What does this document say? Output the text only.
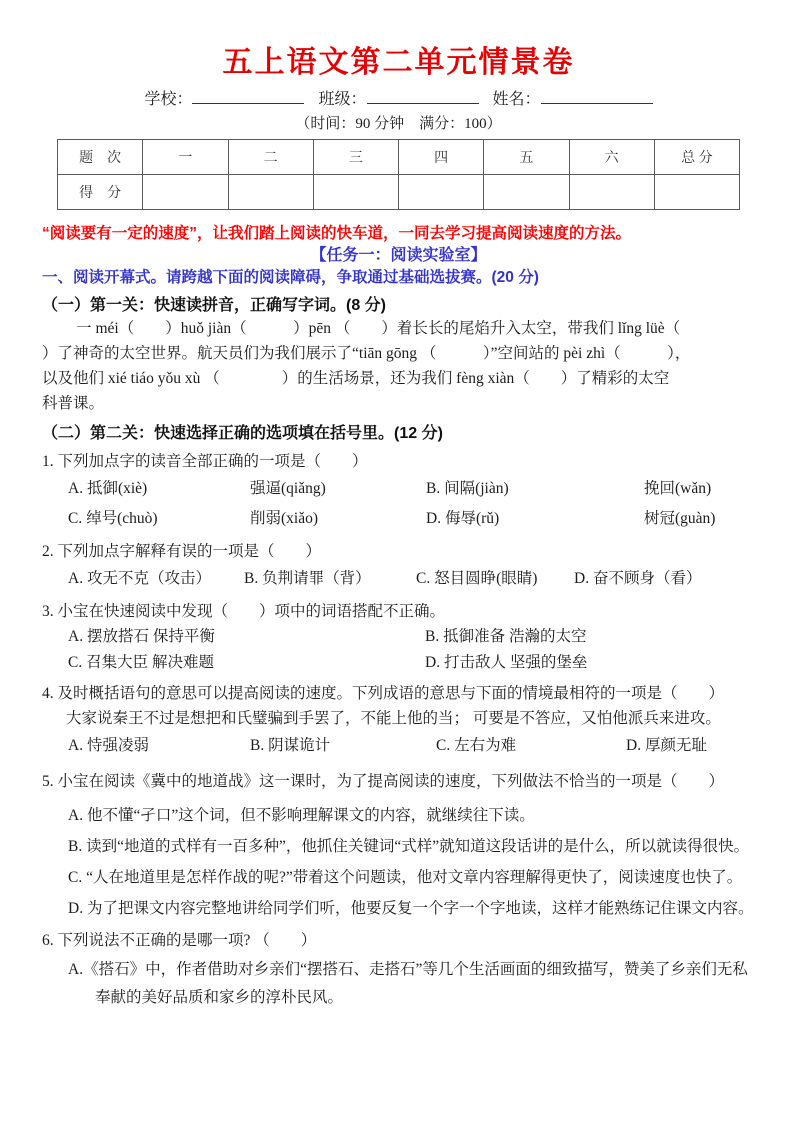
五上语文第二单元情景卷
学校：	班级：	姓名：
（时间：90 分钟　满分：100）
题　次	一	二	三	四	五	六	总 分
得　分							
“阅读要有一定的速度”，让我们踏上阅读的快车道，一同去学习提高阅读速度的方法。
【任务一：阅读实验室】
一、阅读开幕式。请跨越下面的阅读障碍，争取通过基础选拔赛。(20 分)
（一）第一关：快速读拼音，正确写字词。(8 分)
一 méi（　　）huǒ jiàn（　　　）pēn （　　）着长长的尾焰升入太空，带我们 lǐng lüè（
）了神奇的太空世界。航天员们为我们展示了“tiān gōng （　　　）”空间站的 pèi zhì（　　　），
以及他们 xié tiáo yǒu xù （　　　　）的生活场景，还为我们 fèng xiàn（　　）了精彩的太空
科普课。
（二）第二关：快速选择正确的选项填在括号里。(12 分)
1. 下列加点字的读音全部正确的一项是（　　）
A. 抵御(xiè)	强逼(qiǎng)	B. 间隔(jiàn)	挽回(wǎn)
C. 绰号(chuò)	削弱(xiǎo)	D. 侮辱(rǔ)	树冠(guàn)
2. 下列加点字解释有误的一项是（　　）
A. 攻无不克（攻击）	B. 负荆请罪（背）	C. 怒目圆睁(眼睛)	D. 奋不顾身（看）
3. 小宝在快速阅读中发现（　　）项中的词语搭配不正确。
A. 摆放搭石 保持平衡	B. 抵御准备 浩瀚的太空
C. 召集大臣 解决难题	D. 打击敌人 坚强的堡垒
4. 及时概括语句的意思可以提高阅读的速度。下列成语的意思与下面的情境最相符的一项是（　　）
大家说秦王不过是想把和氏璧骗到手罢了，不能上他的当； 可要是不答应，又怕他派兵来进攻。
A. 恃强凌弱	B. 阴谋诡计	C. 左右为难	D. 厚颜无耻
5. 小宝在阅读《冀中的地道战》这一课时，为了提高阅读的速度，下列做法不恰当的一项是（　　）
A. 他不懂“孑口”这个词，但不影响理解课文的内容，就继续往下读。
B. 读到“地道的式样有一百多种”，他抓住关键词“式样”就知道这段话讲的是什么，所以就读得很快。
C. “人在地道里是怎样作战的呢?”带着这个问题读，他对文章内容理解得更快了，阅读速度也快了。
D. 为了把课文内容完整地讲给同学们听，他要反复一个字一个字地读，这样才能熟练记住课文内容。
6. 下列说法不正确的是哪一项? （　　）
A.《搭石》中，作者借助对乡亲们“摆搭石、走搭石”等几个生活画面的细致描写，赞美了乡亲们无私奉献的美好品质和家乡的淳朴民风。
